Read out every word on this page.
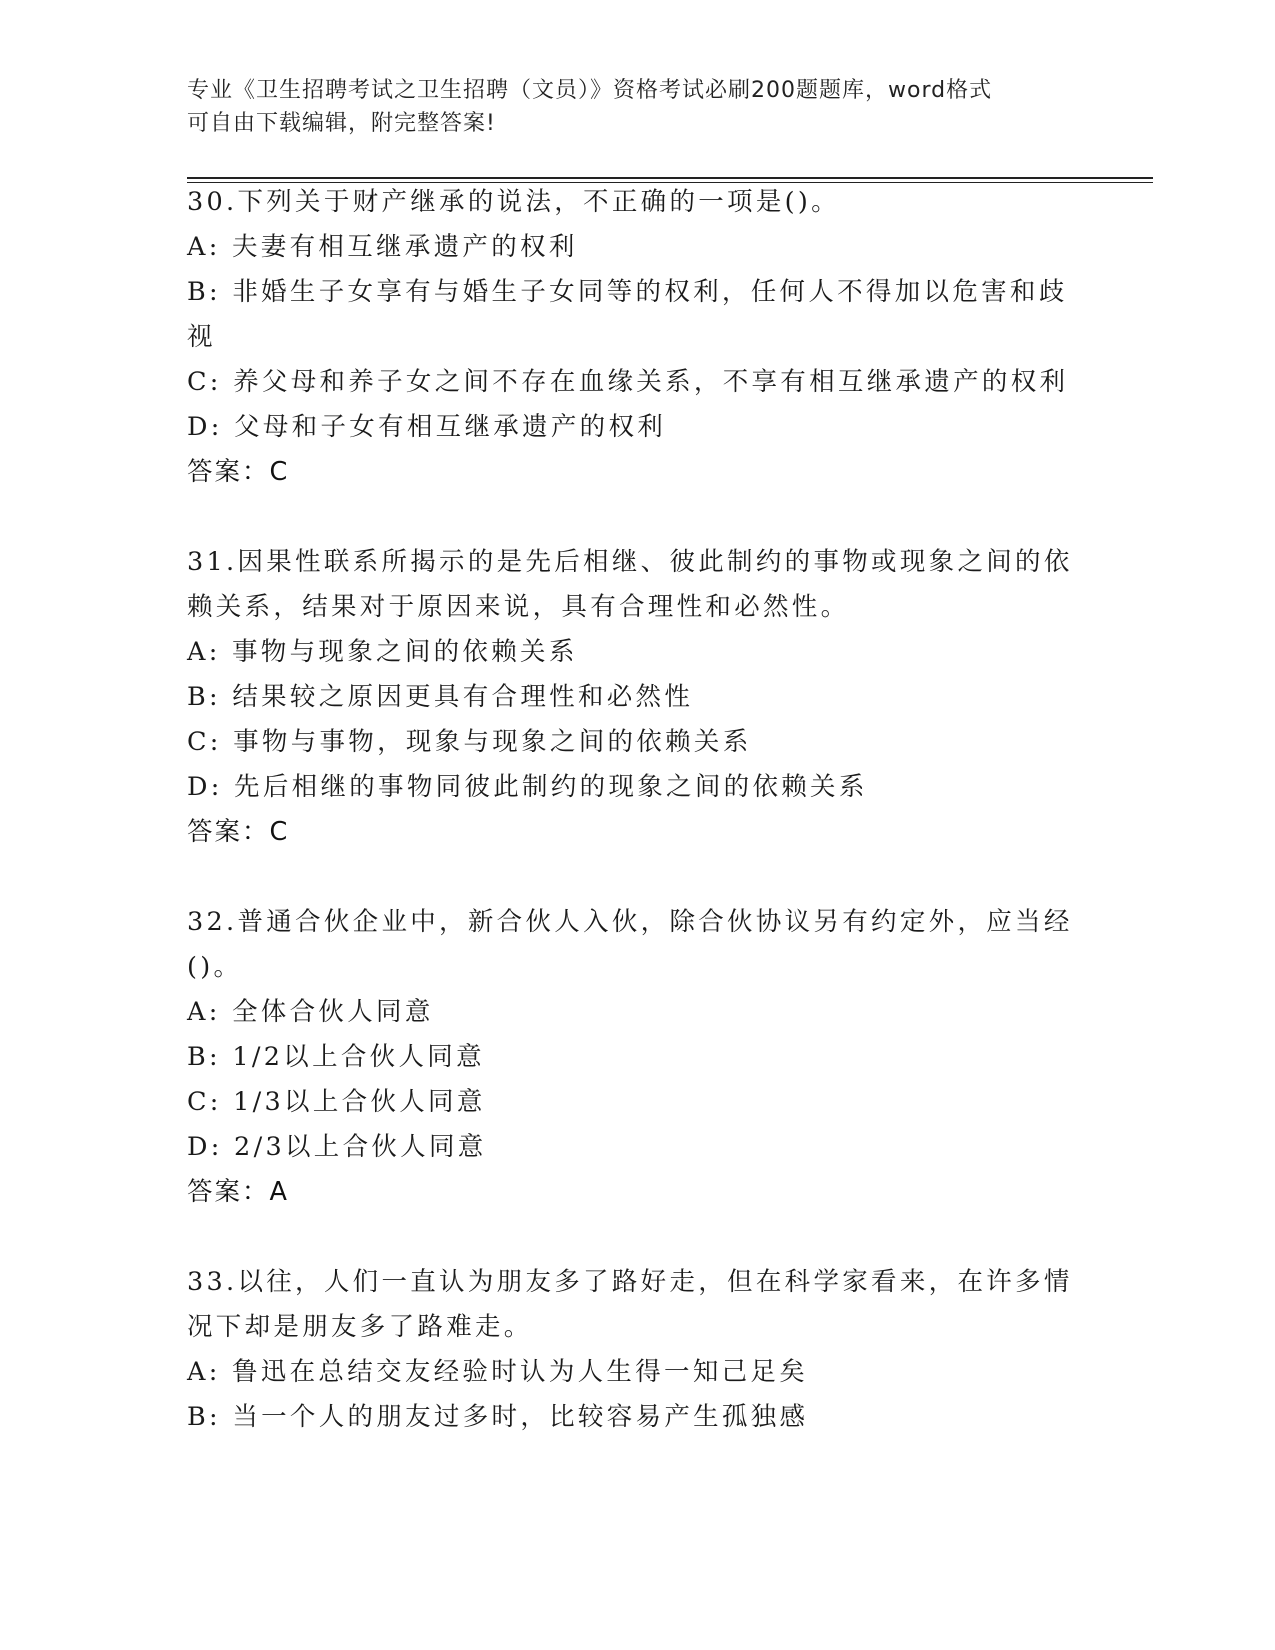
专业《卫生招聘考试之卫生招聘（文员）》资格考试必刷200题题库，word格式
可自由下载编辑，附完整答案!
30.下列关于财产继承的说法，不正确的一项是()。
A: 夫妻有相互继承遗产的权利
B: 非婚生子女享有与婚生子女同等的权利，任何人不得加以危害和歧
视
C: 养父母和养子女之间不存在血缘关系，不享有相互继承遗产的权利
D: 父母和子女有相互继承遗产的权利
答案：C
31.因果性联系所揭示的是先后相继、彼此制约的事物或现象之间的依
赖关系，结果对于原因来说，具有合理性和必然性。
A: 事物与现象之间的依赖关系
B: 结果较之原因更具有合理性和必然性
C: 事物与事物，现象与现象之间的依赖关系
D: 先后相继的事物同彼此制约的现象之间的依赖关系
答案：C
32.普通合伙企业中，新合伙人入伙，除合伙协议另有约定外，应当经
()。
A: 全体合伙人同意
B: 1/2以上合伙人同意
C: 1/3以上合伙人同意
D: 2/3以上合伙人同意
答案：A
33.以往，人们一直认为朋友多了路好走，但在科学家看来，在许多情
况下却是朋友多了路难走。
A: 鲁迅在总结交友经验时认为人生得一知己足矣
B: 当一个人的朋友过多时，比较容易产生孤独感
